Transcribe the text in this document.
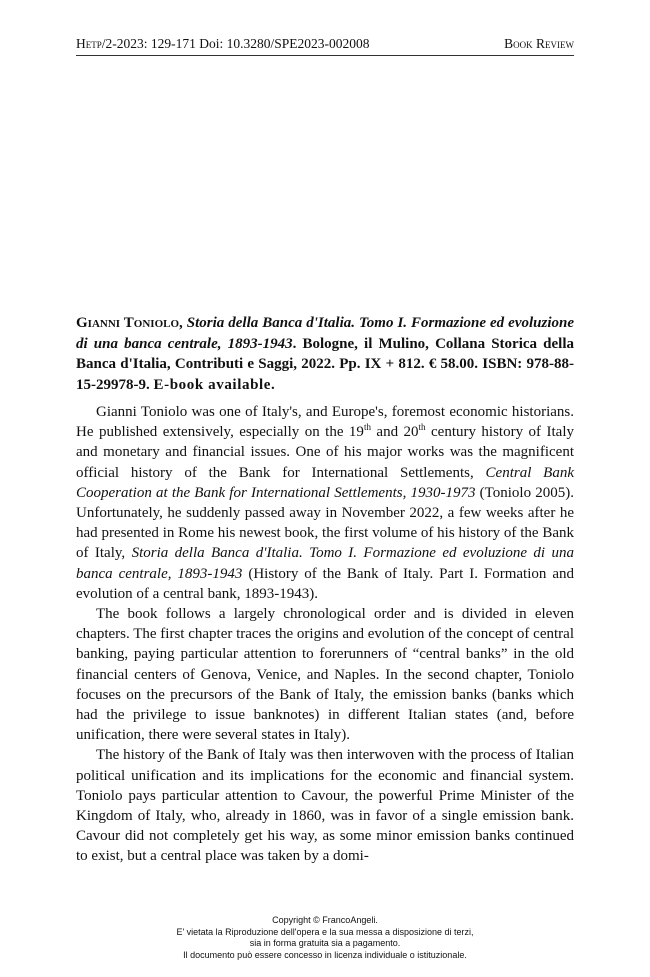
Hetp/2-2023: 129-171 Doi: 10.3280/SPE2023-002008	Book Review

Gianni Toniolo, Storia della Banca d'Italia. Tomo I. Formazione ed evoluzione di una banca centrale, 1893-1943. Bologne, il Mulino, Collana Storica della Banca d'Italia, Contributi e Saggi, 2022. Pp. IX + 812. € 58.00. ISBN: 978-88-15-29978-9. E-book available.

Gianni Toniolo was one of Italy's, and Europe's, foremost economic historians. He published extensively, especially on the 19th and 20th century history of Italy and monetary and financial issues. One of his major works was the magnificent official history of the Bank for International Settlements, Central Bank Cooperation at the Bank for International Settlements, 1930-1973 (Toniolo 2005). Unfortunately, he suddenly passed away in November 2022, a few weeks after he had presented in Rome his newest book, the first volume of his history of the Bank of Italy, Storia della Banca d'Italia. Tomo I. Formazione ed evoluzione di una banca centrale, 1893-1943 (History of the Bank of Italy. Part I. Formation and evolution of a central bank, 1893-1943).

The book follows a largely chronological order and is divided in eleven chapters. The first chapter traces the origins and evolution of the concept of central banking, paying particular attention to forerunners of “central banks” in the old financial centers of Genova, Venice, and Naples. In the second chapter, Toniolo focuses on the precursors of the Bank of Italy, the emission banks (banks which had the privilege to issue banknotes) in different Italian states (and, before unification, there were several states in Italy).

The history of the Bank of Italy was then interwoven with the process of Italian political unification and its implications for the economic and financial system. Toniolo pays particular attention to Cavour, the powerful Prime Minister of the Kingdom of Italy, who, already in 1860, was in favor of a single emission bank. Cavour did not completely get his way, as some minor emission banks continued to exist, but a central place was taken by a domi-

Copyright © FrancoAngeli.
E' vietata la Riproduzione dell'opera e la sua messa a disposizione di terzi,
sia in forma gratuita sia a pagamento.
Il documento può essere concesso in licenza individuale o istituzionale.
